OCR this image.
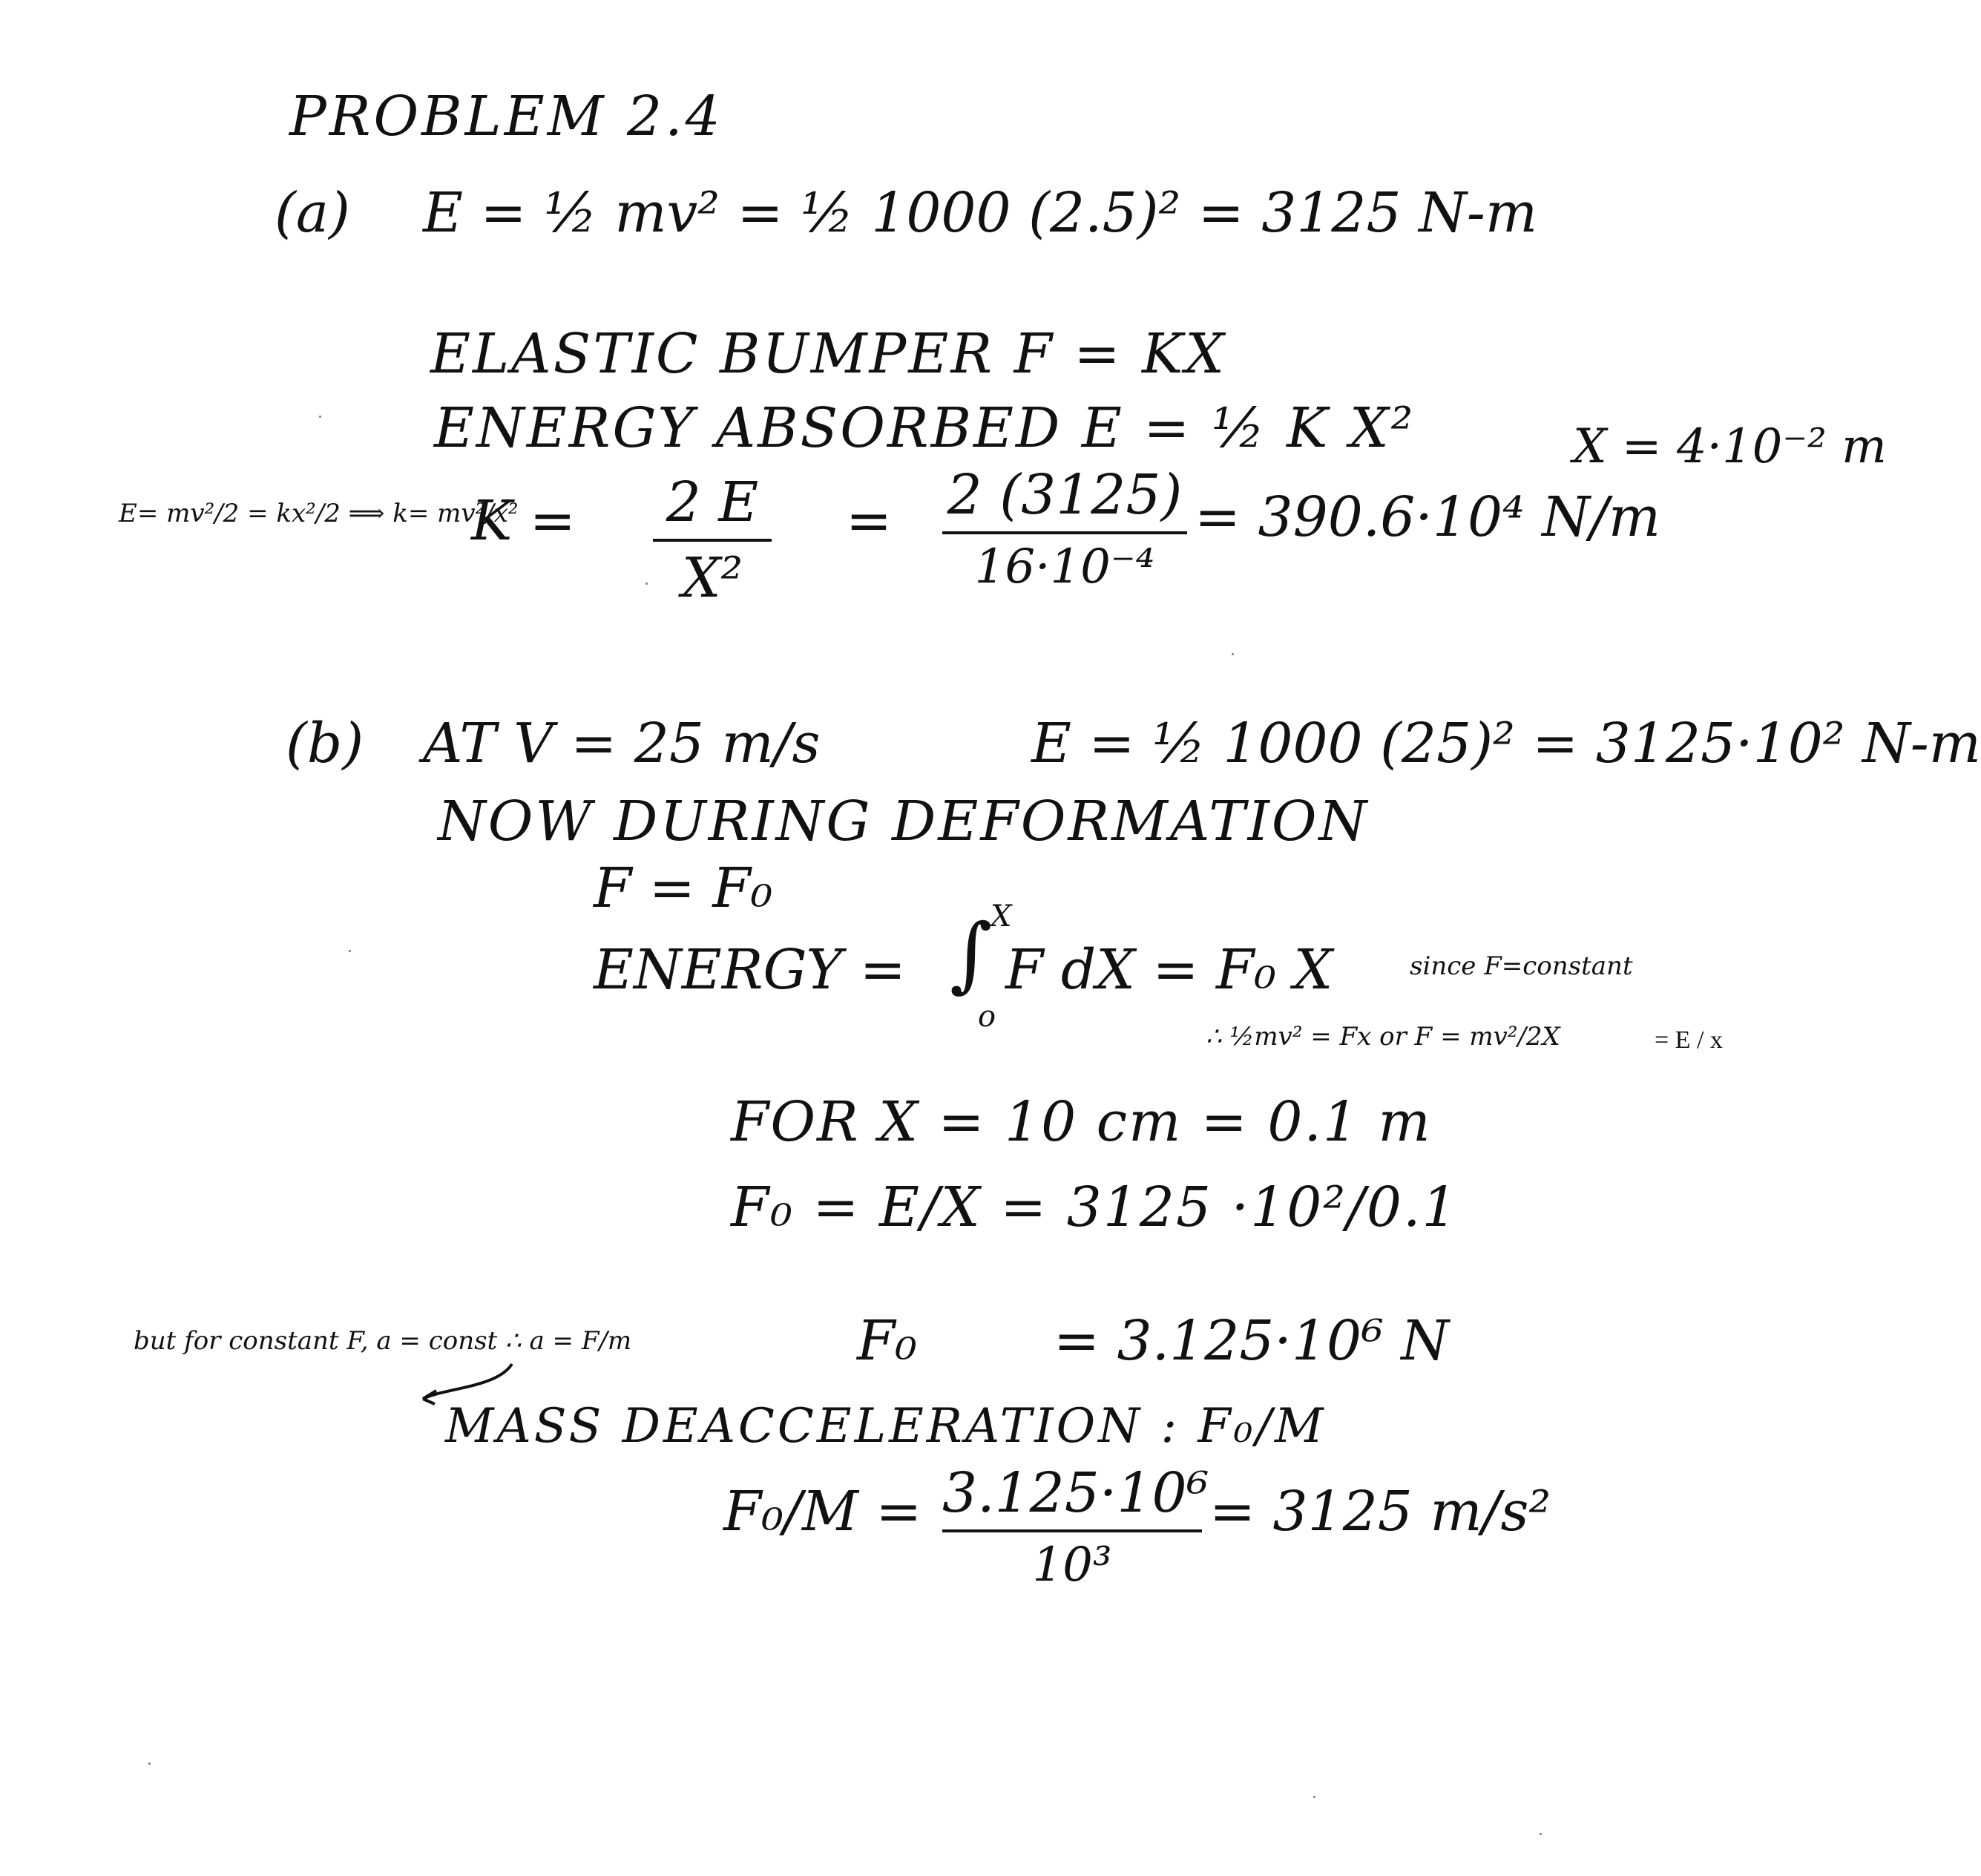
PROBLEM 2.4
(a) E = ½ mv² = ½ 1000 (2.5)² = 3125 N-m
ELASTIC BUMPER F = KX
ENERGY ABSORBED E = ½ K X²	X = 4·10⁻² m
E= mv²/2 = kx²/2 ⟹ k= mv²/x²
K = 2 E
X²
= 2 (3125)
16·10⁻⁴
= 390.6·10⁴ N/m
(b) AT V = 25 m/s	E = ½ 1000 (25)² = 3125·10² N-m
NOW DURING DEFORMATION
F = F₀
ENERGY = ∫
X
o
F dX = F₀ X	since F=constant
∴ ½mv² = Fx or F = mv²/2X	= E / x
FOR X = 10 cm = 0.1 m
F₀ = E/X = 3125 ·10²/0.1
but for constant F, a = const ∴ a = F/m	F₀ = 3.125·10⁶ N
MASS DEACCELERATION : F₀/M
F₀/M = 3.125·10⁶
10³
= 3125 m/s²
